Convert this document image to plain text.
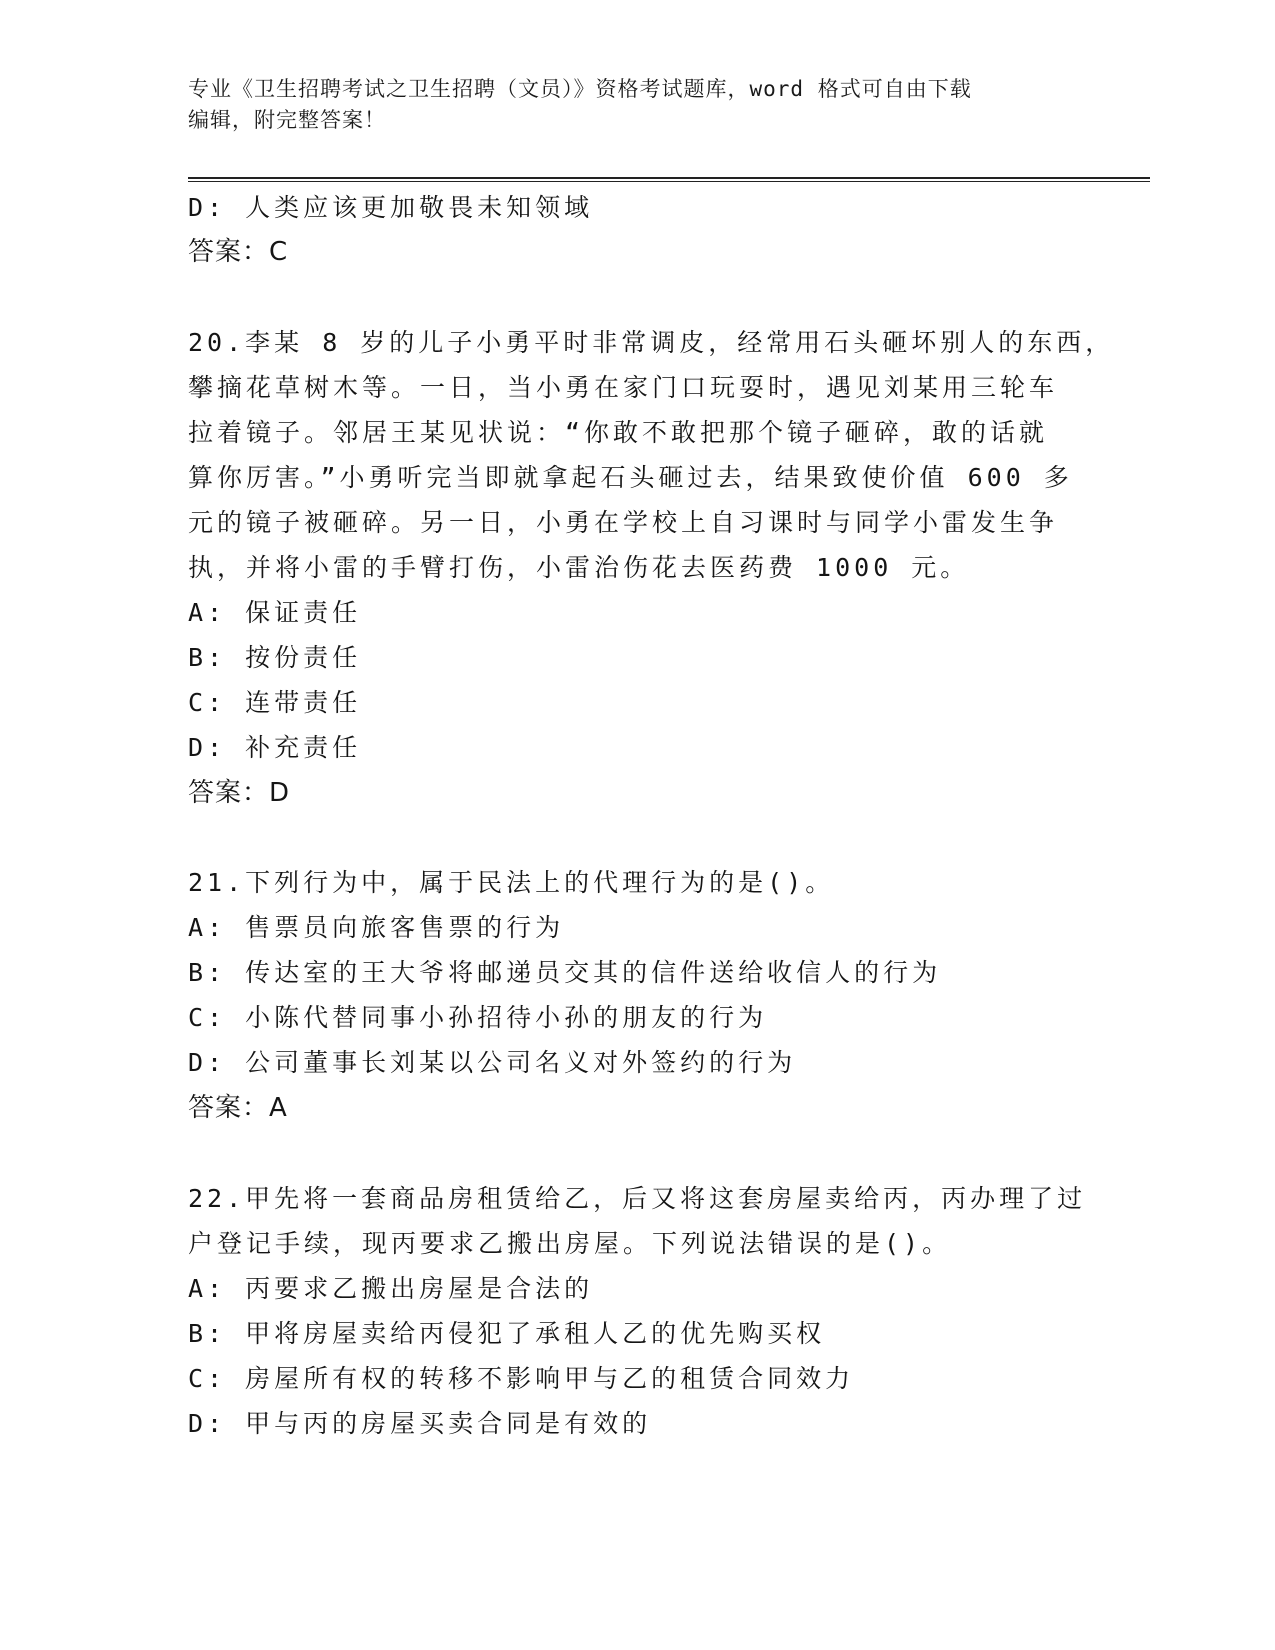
专业《卫生招聘考试之卫生招聘（文员）》资格考试题库，word 格式可自由下载
编辑，附完整答案！
D: 人类应该更加敬畏未知领域
答案：C
20.李某 8 岁的儿子小勇平时非常调皮，经常用石头砸坏别人的东西，
攀摘花草树木等。一日，当小勇在家门口玩耍时，遇见刘某用三轮车
拉着镜子。邻居王某见状说：“你敢不敢把那个镜子砸碎，敢的话就
算你厉害。”小勇听完当即就拿起石头砸过去，结果致使价值 600 多
元的镜子被砸碎。另一日，小勇在学校上自习课时与同学小雷发生争
执，并将小雷的手臂打伤，小雷治伤花去医药费 1000 元。
A: 保证责任
B: 按份责任
C: 连带责任
D: 补充责任
答案：D
21.下列行为中，属于民法上的代理行为的是()。
A: 售票员向旅客售票的行为
B: 传达室的王大爷将邮递员交其的信件送给收信人的行为
C: 小陈代替同事小孙招待小孙的朋友的行为
D: 公司董事长刘某以公司名义对外签约的行为
答案：A
22.甲先将一套商品房租赁给乙，后又将这套房屋卖给丙，丙办理了过
户登记手续，现丙要求乙搬出房屋。下列说法错误的是()。
A: 丙要求乙搬出房屋是合法的
B: 甲将房屋卖给丙侵犯了承租人乙的优先购买权
C: 房屋所有权的转移不影响甲与乙的租赁合同效力
D: 甲与丙的房屋买卖合同是有效的
